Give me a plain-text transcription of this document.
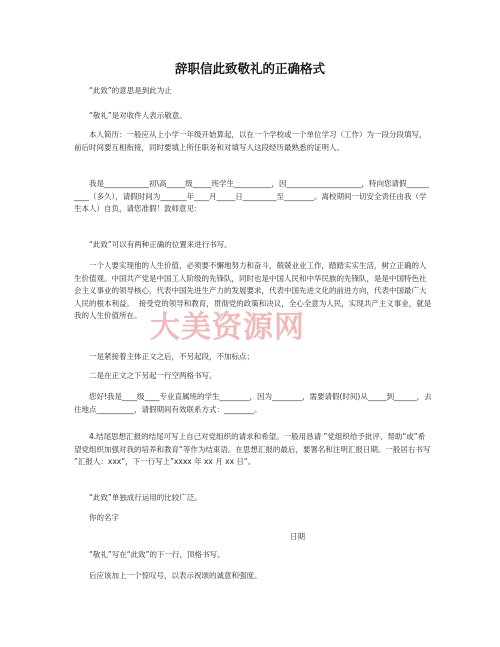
辞职信此致敬礼的正确格式
“此致”的意思是到此为止
“敬礼”是对收件人表示敬意。
本人简历：一般应从上小学一年级开始算起，以在一个学校或一个单位学习（工作）为一段分段填写，前后时间要互相衔接，同时要填上所任职务和对填写人这段经历最熟悉的证明人。
我是____________初\高_____级_____班学生__________，因____________________，特向您请假__________（多久），请假时间为_______年____月_____日_________至________。离校期间一切安全责任由我（学生本人）自负，请您准假！敦师意见：
“此致”可以有两种正确的位置来进行书写。
一个人要实现他的人生价值，必须要不懈地努力和奋斗，兢兢业业工作，踏踏实实生活，树立正确的人生价值观。中国共产党是中国工人阶级的先锋队，同时也是中国人民和中华民族的先锋队，是是中国特色社会主义事业的领导核心，代表中国先进生产力的发展要求，代表中国先进文化的前进方向，代表中国最广大人民的根本利益。  接受党的领导和教育，贯彻党的政策和决议，全心全意为人民，实现共产主义事业，就是我的人生价值所在。
一是紧接着主体正文之后，不另起段，不加标点；
二是在正文之下另起一行空两格书写。
您好!我是____级____专业直属班的学生________，因为________，需要请假(时间)从_____到______，去往地点__________，请假期间有效联系方式：________。
4.结尾思想汇报的结尾可写上自己对党组织的请求和希望。一般用恳请 ”党组织给予批评、帮助“或”希望党组织加强对我的培养和教育“等作为结束语。在思想汇报的最后，要署名和注明汇报日期。一般居右书写 ”汇报人：xxx“，下一行写上”xxxx 年 xx 月 xx 日“。
“此致”单独成行运用的比较广泛。
你的名字
日期
“敬礼”写在“此致”的下一行，顶格书写。
后应该加上一个惊叹号，以表示祝颂的诚意和强度。
大美资源网
